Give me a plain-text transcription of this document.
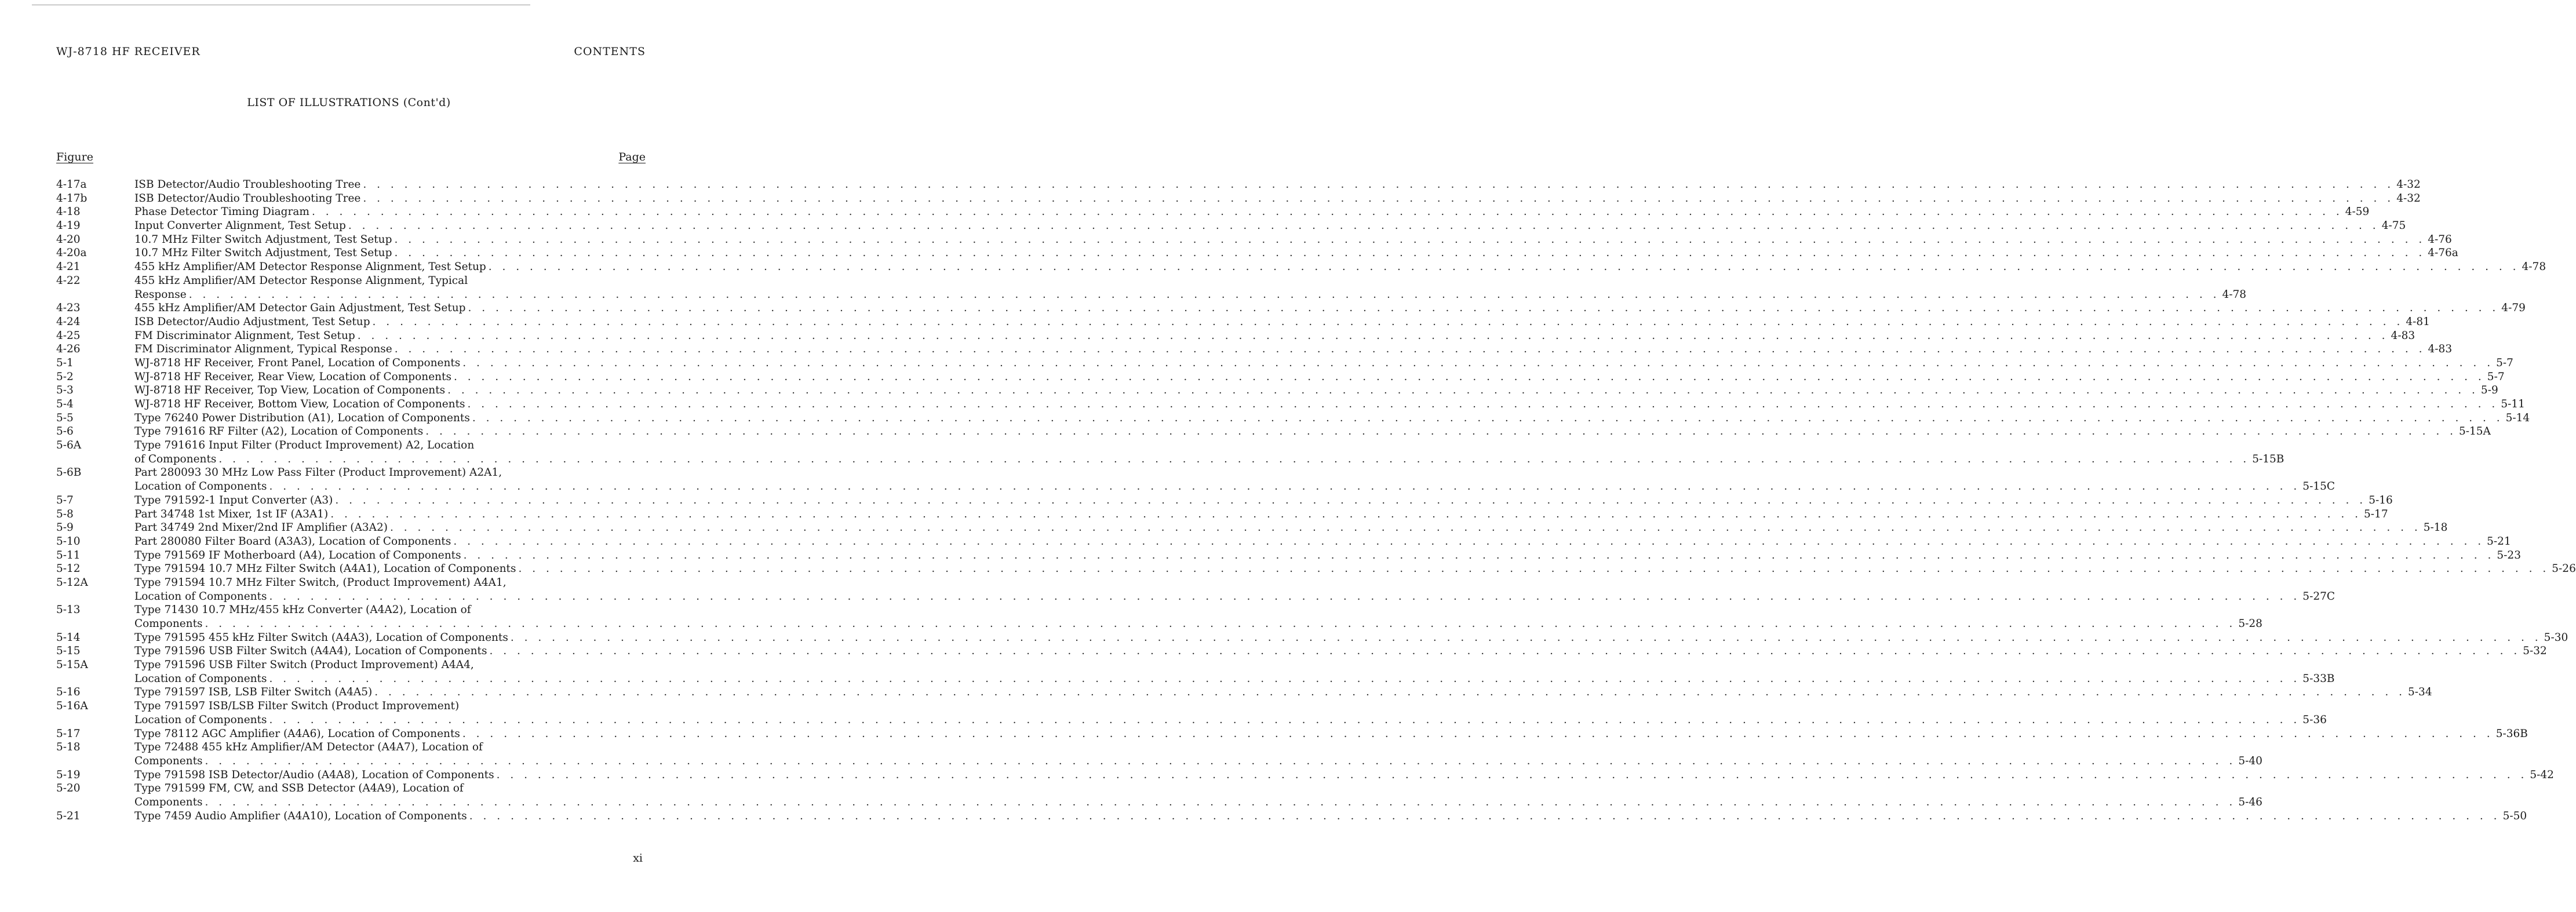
WJ-8718 HF RECEIVER	CONTENTS
LIST OF ILLUSTRATIONS (Cont'd)
Figure	Page
4-17a	ISB Detector/Audio Troubleshooting Tree . . .	4-32
4-17b	ISB Detector/Audio Troubleshooting Tree . . .	4-32
4-18	Phase Detector Timing Diagram . . .	4-59
4-19	Input Converter Alignment, Test Setup . . .	4-75
4-20	10.7 MHz Filter Switch Adjustment, Test Setup . . .	4-76
4-20a	10.7 MHz Filter Switch Adjustment, Test Setup . . .	4-76a
4-21	455 kHz Amplifier/AM Detector Response Alignment, Test Setup . . .	4-78
4-22	455 kHz Amplifier/AM Detector Response Alignment, Typical
Response . . .	4-78
4-23	455 kHz Amplifier/AM Detector Gain Adjustment, Test Setup . . .	4-79
4-24	ISB Detector/Audio Adjustment, Test Setup . . .	4-81
4-25	FM Discriminator Alignment, Test Setup . . .	4-83
4-26	FM Discriminator Alignment, Typical Response . . .	4-83
5-1	WJ-8718 HF Receiver, Front Panel, Location of Components . . .	5-7
5-2	WJ-8718 HF Receiver, Rear View, Location of Components . . .	5-7
5-3	WJ-8718 HF Receiver, Top View, Location of Components . . .	5-9
5-4	WJ-8718 HF Receiver, Bottom View, Location of Components . . .	5-11
5-5	Type 76240 Power Distribution (A1), Location of Components . . .	5-14
5-6	Type 791616 RF Filter (A2), Location of Components . . .	5-15A
5-6A	Type 791616 Input Filter (Product Improvement) A2, Location
of Components . . .	5-15B
5-6B	Part 280093 30 MHz Low Pass Filter (Product Improvement) A2A1,
Location of Components . . .	5-15C
5-7	Type 791592-1 Input Converter (A3) . . .	5-16
5-8	Part 34748 1st Mixer, 1st IF (A3A1) . . .	5-17
5-9	Part 34749 2nd Mixer/2nd IF Amplifier (A3A2) . . .	5-18
5-10	Part 280080 Filter Board (A3A3), Location of Components . . .	5-21
5-11	Type 791569 IF Motherboard (A4), Location of Components . . .	5-23
5-12	Type 791594 10.7 MHz Filter Switch (A4A1), Location of Components . . .	5-26
5-12A	Type 791594 10.7 MHz Filter Switch, (Product Improvement) A4A1,
Location of Components . . .	5-27C
5-13	Type 71430 10.7 MHz/455 kHz Converter (A4A2), Location of
Components . . .	5-28
5-14	Type 791595 455 kHz Filter Switch (A4A3), Location of Components . . .	5-30
5-15	Type 791596 USB Filter Switch (A4A4), Location of Components . . .	5-32
5-15A	Type 791596 USB Filter Switch (Product Improvement) A4A4,
Location of Components . . .	5-33B
5-16	Type 791597 ISB, LSB Filter Switch (A4A5) . . .	5-34
5-16A	Type 791597 ISB/LSB Filter Switch (Product Improvement)
Location of Components . . .	5-36
5-17	Type 78112 AGC Amplifier (A4A6), Location of Components . . .	5-36B
5-18	Type 72488 455 kHz Amplifier/AM Detector (A4A7), Location of
Components . . .	5-40
5-19	Type 791598 ISB Detector/Audio (A4A8), Location of Components . . .	5-42
5-20	Type 791599 FM, CW, and SSB Detector (A4A9), Location of
Components . . .	5-46
5-21	Type 7459 Audio Amplifier (A4A10), Location of Components . . .	5-50
xi
